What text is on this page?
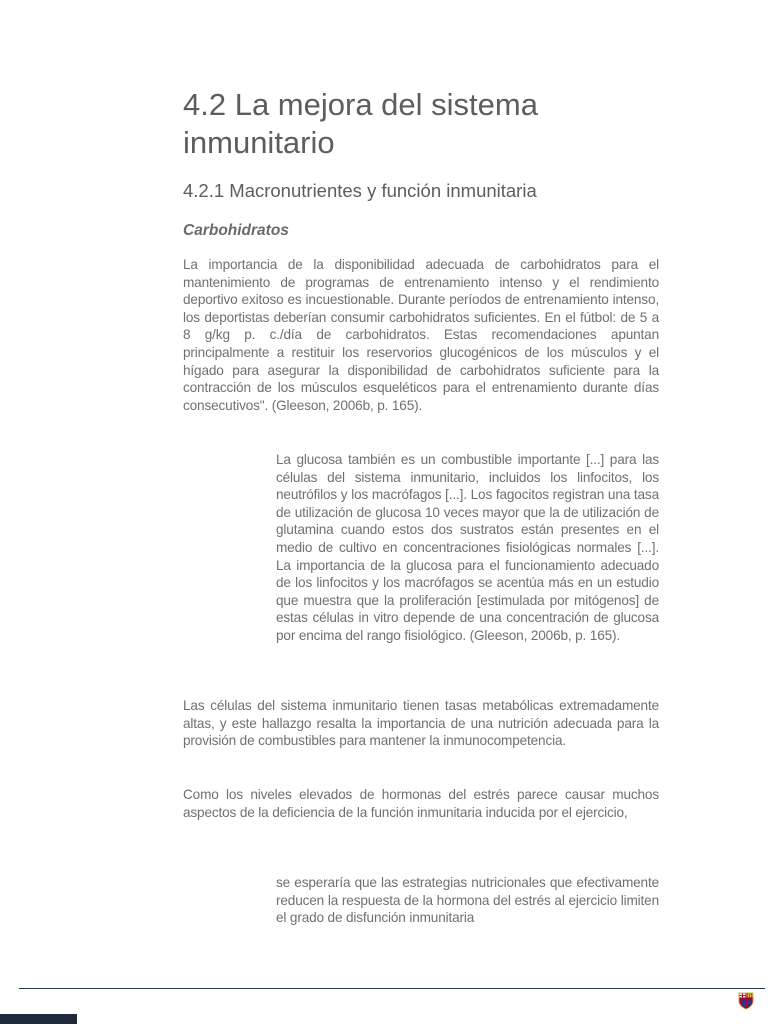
4.2 La mejora del sistema inmunitario
4.2.1 Macronutrientes y función inmunitaria
Carbohidratos

La importancia de la disponibilidad adecuada de carbohidratos para el mantenimiento de programas de entrenamiento intenso y el rendimiento deportivo exitoso es incuestionable. Durante períodos de entrenamiento intenso, los deportistas deberían consumir carbohidratos suficientes. En el fútbol: de 5 a 8 g/kg p. c./día de carbohidratos. Estas recomendaciones apuntan principalmente a restituir los reservorios glucogénicos de los músculos y el hígado para asegurar la disponibilidad de carbohidratos suficiente para la contracción de los músculos esqueléticos para el entrenamiento durante días consecutivos". (Gleeson, 2006b, p. 165).

La glucosa también es un combustible importante [...] para las células del sistema inmunitario, incluidos los linfocitos, los neutrófilos y los macrófagos [...]. Los fagocitos registran una tasa de utilización de glucosa 10 veces mayor que la de utilización de glutamina cuando estos dos sustratos están presentes en el medio de cultivo en concentraciones fisiológicas normales [...]. La importancia de la glucosa para el funcionamiento adecuado de los linfocitos y los macrófagos se acentúa más en un estudio que muestra que la proliferación [estimulada por mitógenos] de estas células in vitro depende de una concentración de glucosa por encima del rango fisiológico. (Gleeson, 2006b, p. 165).

Las células del sistema inmunitario tienen tasas metabólicas extremadamente altas, y este hallazgo resalta la importancia de una nutrición adecuada para la provisión de combustibles para mantener la inmunocompetencia.

Como los niveles elevados de hormonas del estrés parece causar muchos aspectos de la deficiencia de la función inmunitaria inducida por el ejercicio,

se esperaría que las estrategias nutricionales que efectivamente reducen la respuesta de la hormona del estrés al ejercicio limiten el grado de disfunción inmunitaria
